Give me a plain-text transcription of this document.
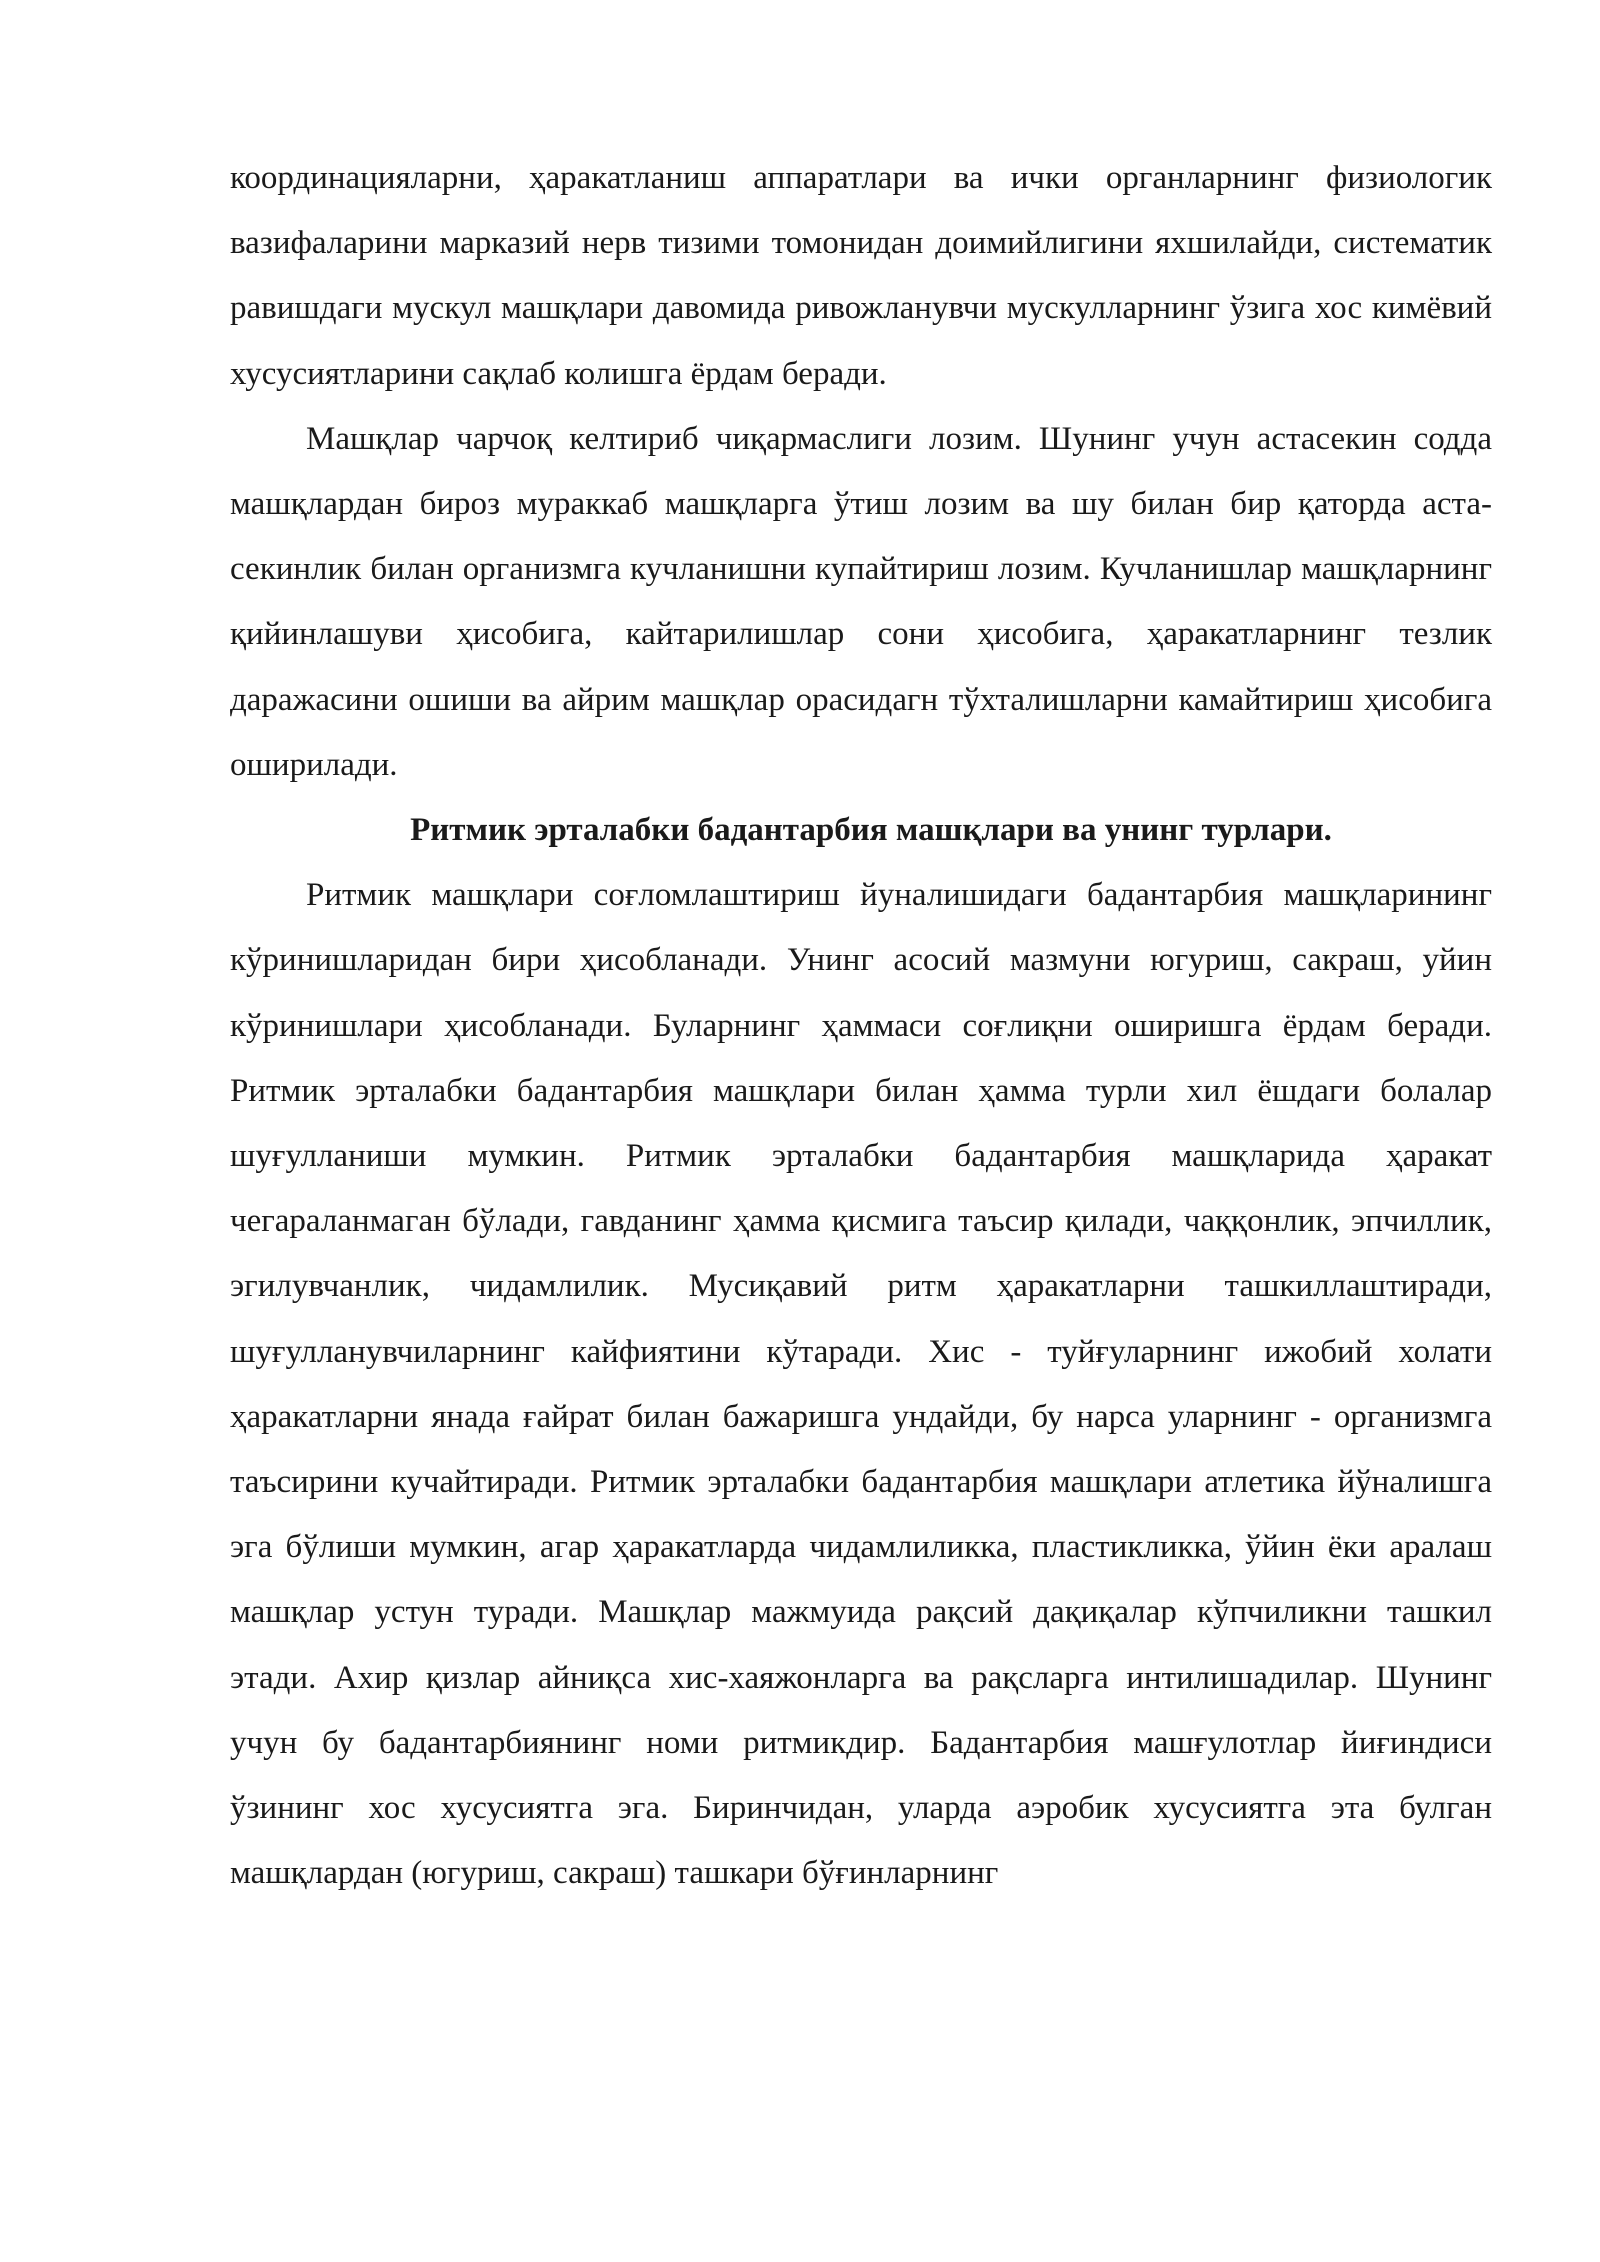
координацияларни, ҳаракатланиш аппаратлари ва ички органларнинг физиологик вазифаларини марказий нерв тизими томонидан доимийлигини яхшилайди, систематик равишдаги мускул машқлари давомида ривожланувчи мускулларнинг ўзига хос кимёвий хусусиятларини сақлаб колишга ёрдам беради.

Машқлар чарчоқ келтириб чиқармаслиги лозим. Шунинг учун астасекин содда машқлардан бироз мураккаб машқларга ўтиш лозим ва шу билан бир қаторда аста-секинлик билан организмга кучланишни купайтириш лозим. Кучланишлар машқларнинг қийинлашуви ҳисобига, кайтарилишлар сони ҳисобига, ҳаракатларнинг тезлик даражасини ошиши ва айрим машқлар орасидагн тўхталишларни камайтириш ҳисобига оширилади.

Ритмик эрталабки бадантарбия машқлари ва унинг турлари.

Ритмик машқлари соғломлаштириш йуналишидаги бадантарбия машқларининг кўринишларидан бири ҳисобланади. Унинг асосий мазмуни югуриш, сакраш, уйин кўринишлари ҳисобланади. Буларнинг ҳаммаси соғлиқни оширишга ёрдам беради. Ритмик эрталабки бадантарбия машқлари билан ҳамма турли хил ёшдаги болалар шуғулланиши мумкин. Ритмик эрталабки бадантарбия машқларида ҳаракат чегараланмаган бўлади, гавданинг ҳамма қисмига таъсир қилади, чаққонлик, эпчиллик, эгилувчанлик, чидамлилик. Мусиқавий ритм ҳаракатларни ташкиллаштиради, шуғулланувчиларнинг кайфиятини кўтаради. Хис - туйғуларнинг ижобий холати ҳаракатларни янада ғайрат билан бажаришга ундайди, бу нарса уларнинг - организмга таъсирини кучайтиради. Ритмик эрталабки бадантарбия машқлари атлетика йўналишга эга бўлиши мумкин, агар ҳаракатларда чидамлиликка, пластикликка, ўйин ёки аралаш машқлар устун туради. Машқлар мажмуида рақсий дақиқалар кўпчиликни ташкил этади. Ахир қизлар айниқса хис-хаяжонларга ва рақсларга интилишадилар. Шунинг учун бу бадантарбиянинг номи ритмикдир. Бадантарбия машғулотлар йиғиндиси ўзининг хос хусусиятга эга. Биринчидан, уларда аэробик хусусиятга эта булган машқлардан (югуриш, сакраш) ташкари бўғинларнинг
